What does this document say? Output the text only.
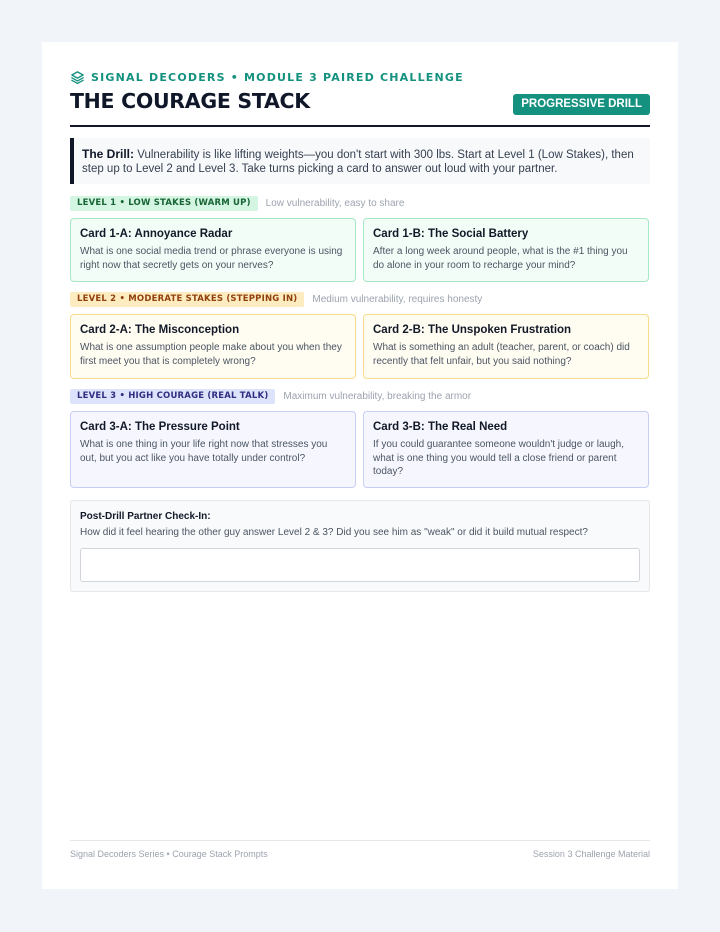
SIGNAL DECODERS • MODULE 3 PAIRED CHALLENGE
THE COURAGE STACK	PROGRESSIVE DRILL
The Drill: Vulnerability is like lifting weights—you don't start with 300 lbs. Start at Level 1 (Low Stakes), then step up to Level 2 and Level 3. Take turns picking a card to answer out loud with your partner.
LEVEL 1 • LOW STAKES (WARM UP)	Low vulnerability, easy to share
Card 1-A: Annoyance Radar
What is one social media trend or phrase everyone is using right now that secretly gets on your nerves?
Card 1-B: The Social Battery
After a long week around people, what is the #1 thing you do alone in your room to recharge your mind?
LEVEL 2 • MODERATE STAKES (STEPPING IN)	Medium vulnerability, requires honesty
Card 2-A: The Misconception
What is one assumption people make about you when they first meet you that is completely wrong?
Card 2-B: The Unspoken Frustration
What is something an adult (teacher, parent, or coach) did recently that felt unfair, but you said nothing?
LEVEL 3 • HIGH COURAGE (REAL TALK)	Maximum vulnerability, breaking the armor
Card 3-A: The Pressure Point
What is one thing in your life right now that stresses you out, but you act like you have totally under control?
Card 3-B: The Real Need
If you could guarantee someone wouldn't judge or laugh, what is one thing you would tell a close friend or parent today?
Post-Drill Partner Check-In:
How did it feel hearing the other guy answer Level 2 & 3? Did you see him as "weak" or did it build mutual respect?
Signal Decoders Series • Courage Stack Prompts	Session 3 Challenge Material
